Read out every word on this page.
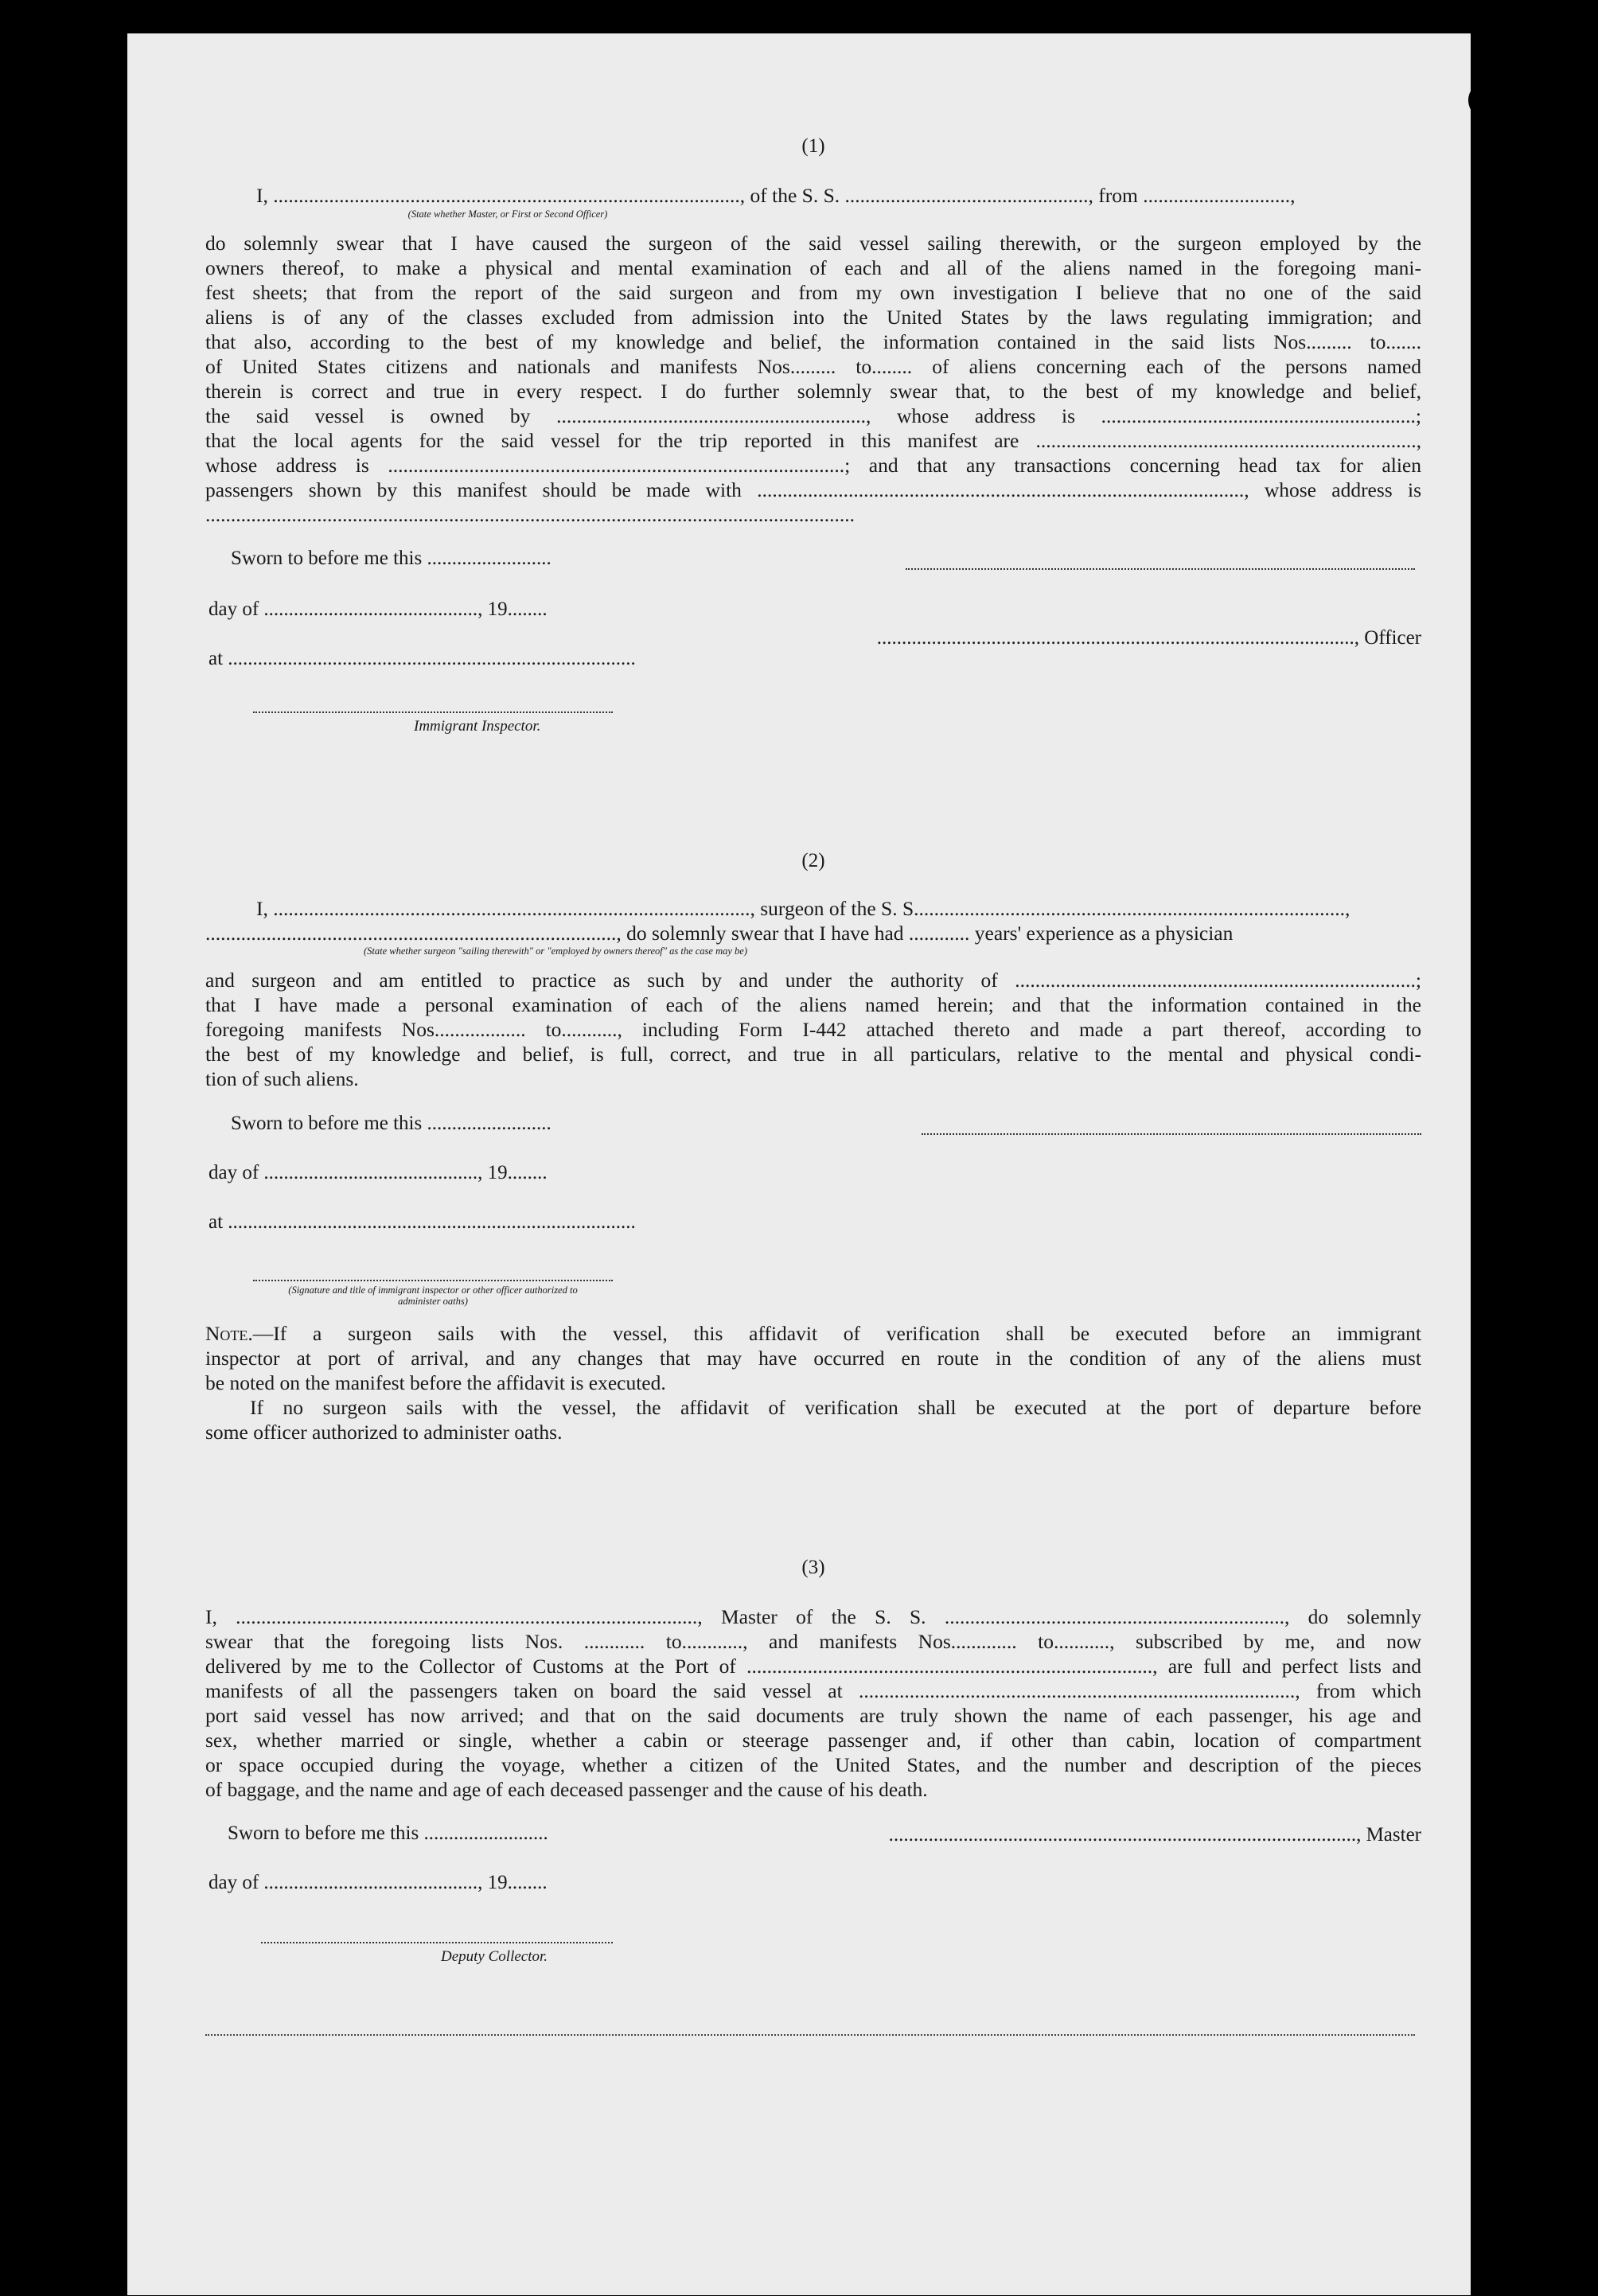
(1)
I, ............................................................................................, of the S. S. ................................................, from .............................,
(State whether Master, or First or Second Officer)
do solemnly swear that I have caused the surgeon of the said vessel sailing therewith, or the surgeon employed by the
owners thereof, to make a physical and mental examination of each and all of the aliens named in the foregoing mani-
fest sheets; that from the report of the said surgeon and from my own investigation I believe that no one of the said
aliens is of any of the classes excluded from admission into the United States by the laws regulating immigration; and
that also, according to the best of my knowledge and belief, the information contained in the said lists Nos......... to.......
of United States citizens and nationals and manifests Nos......... to........ of aliens concerning each of the persons named
therein is correct and true in every respect. I do further solemnly swear that, to the best of my knowledge and belief,
the said vessel is owned by ............................................................., whose address is ..............................................................;
that the local agents for the said vessel for the trip reported in this manifest are ...........................................................................,
whose address is ..........................................................................................; and that any transactions concerning head tax for alien
passengers shown by this manifest should be made with ................................................................................................, whose address is
................................................................................................................................
Sworn to before me this .........................
day of ..........................................., 19........
at ..................................................................................
Immigrant Inspector.
................................................................................................, Officer
(2)
I, .............................................................................................., surgeon of the S. S.....................................................................................,
................................................................................., do solemnly swear that I have had ............ years' experience as a physician
(State whether surgeon "sailing therewith" or "employed by owners thereof" as the case may be)
and surgeon and am entitled to practice as such by and under the authority of ...............................................................................;
that I have made a personal examination of each of the aliens named herein; and that the information contained in the
foregoing manifests Nos.................. to..........., including Form I-442 attached thereto and made a part thereof, according to
the best of my knowledge and belief, is full, correct, and true in all particulars, relative to the mental and physical condi-
tion of such aliens.
Sworn to before me this .........................
day of ..........................................., 19........
at ..................................................................................
(Signature and title of immigrant inspector or other officer authorized to administer oaths)
Note.—If a surgeon sails with the vessel, this affidavit of verification shall be executed before an immigrant
inspector at port of arrival, and any changes that may have occurred en route in the condition of any of the aliens must
be noted on the manifest before the affidavit is executed.
If no surgeon sails with the vessel, the affidavit of verification shall be executed at the port of departure before
some officer authorized to administer oaths.
(3)
I, ..........................................................................................., Master of the S. S. ..................................................................., do solemnly
swear that the foregoing lists Nos. ............ to............, and manifests Nos............. to..........., subscribed by me, and now
delivered by me to the Collector of Customs at the Port of ................................................................................, are full and perfect lists and
manifests of all the passengers taken on board the said vessel at ......................................................................................, from which
port said vessel has now arrived; and that on the said documents are truly shown the name of each passenger, his age and
sex, whether married or single, whether a cabin or steerage passenger and, if other than cabin, location of compartment
or space occupied during the voyage, whether a citizen of the United States, and the number and description of the pieces
of baggage, and the name and age of each deceased passenger and the cause of his death.
Sworn to before me this .........................	.............................................................................................., Master
day of ..........................................., 19........
Deputy Collector.
